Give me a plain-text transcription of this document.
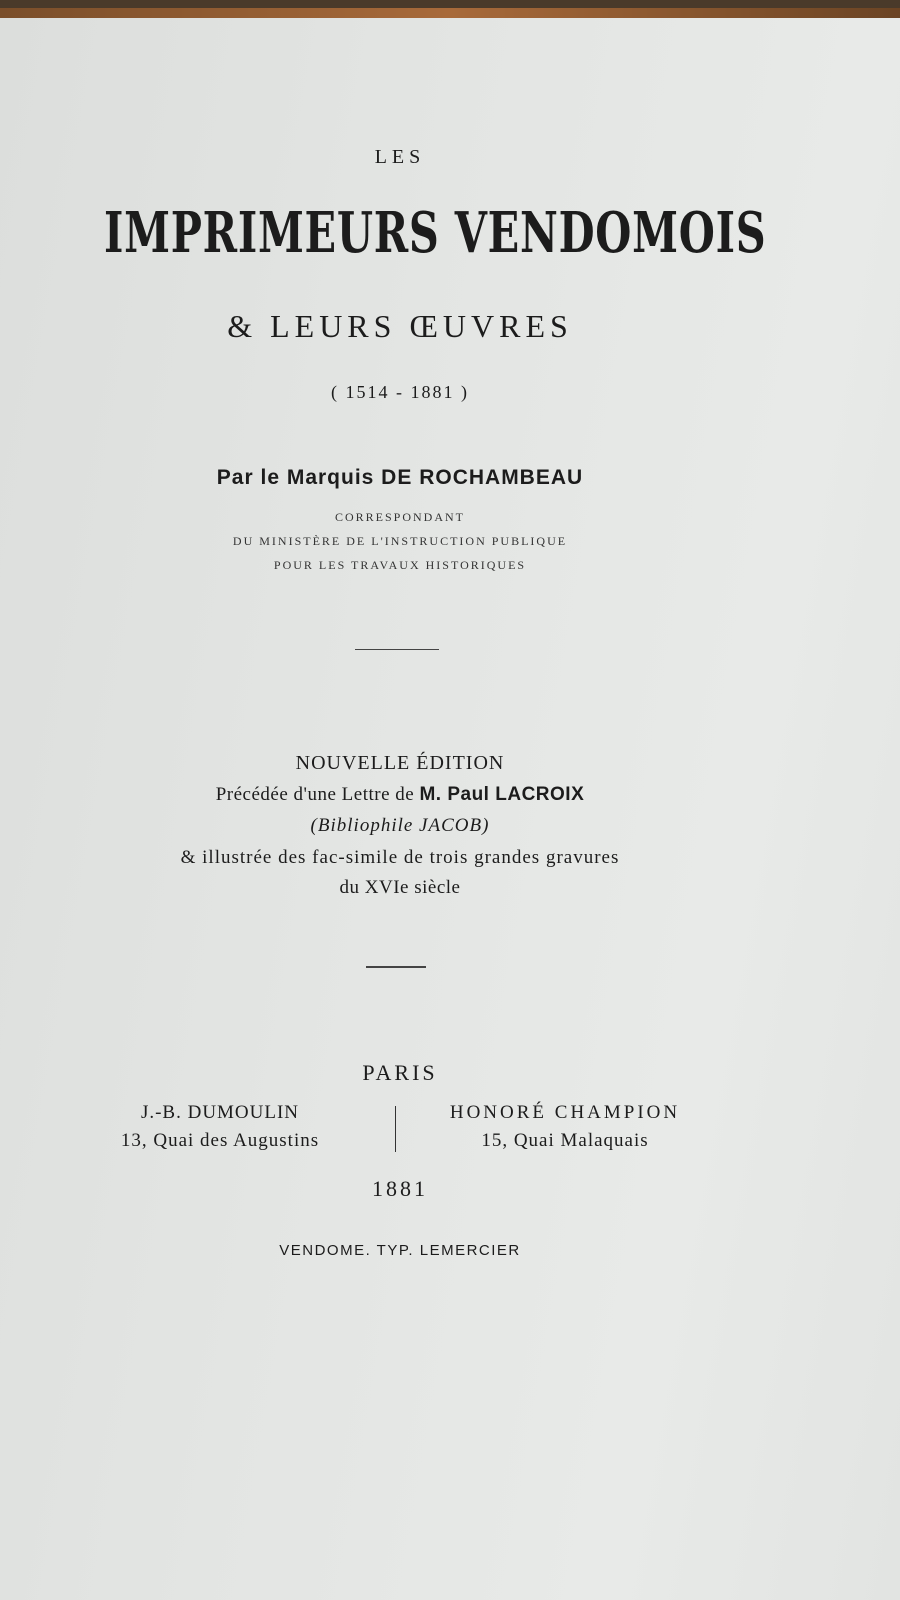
LES
IMPRIMEURS VENDOMOIS
& LEURS ŒUVRES
( 1514 - 1881 )
Par le Marquis DE ROCHAMBEAU
CORRESPONDANT
DU MINISTÈRE DE L'INSTRUCTION PUBLIQUE
POUR LES TRAVAUX HISTORIQUES
NOUVELLE ÉDITION
Précédée d'une Lettre de M. Paul LACROIX
(Bibliophile JACOB)
& illustrée des fac-simile de trois grandes gravures
du XVIe siècle
PARIS
J.-B. DUMOULIN
13, Quai des Augustins
HONORÉ CHAMPION
15, Quai Malaquais
1881
VENDOME. TYP. LEMERCIER
